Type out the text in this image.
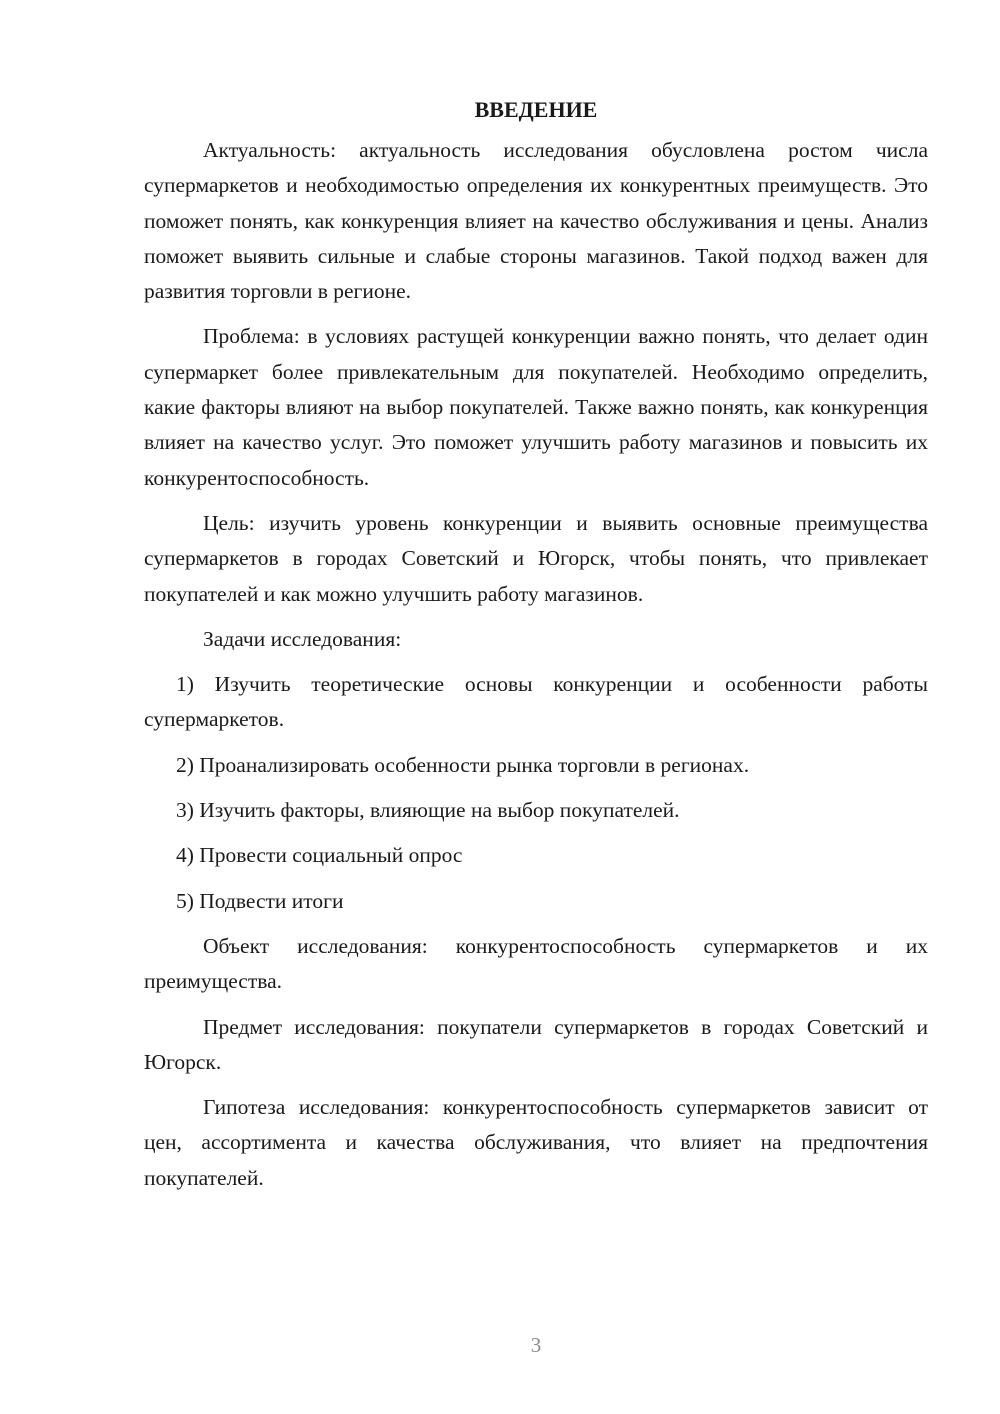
ВВЕДЕНИЕ

Актуальность: актуальность исследования обусловлена ростом числа супермаркетов и необходимостью определения их конкурентных преимуществ. Это поможет понять, как конкуренция влияет на качество обслуживания и цены. Анализ поможет выявить сильные и слабые стороны магазинов. Такой подход важен для развития торговли в регионе.

Проблема: в условиях растущей конкуренции важно понять, что делает один супермаркет более привлекательным для покупателей. Необходимо определить, какие факторы влияют на выбор покупателей. Также важно понять, как конкуренция влияет на качество услуг. Это поможет улучшить работу магазинов и повысить их конкурентоспособность.

Цель: изучить уровень конкуренции и выявить основные преимущества супермаркетов в городах Советский и Югорск, чтобы понять, что привлекает покупателей и как можно улучшить работу магазинов.

Задачи исследования:

1) Изучить теоретические основы конкуренции и особенности работы супермаркетов.

2) Проанализировать особенности рынка торговли в регионах.

3) Изучить факторы, влияющие на выбор покупателей.

4) Провести социальный опрос

5) Подвести итоги

Объект исследования: конкурентоспособность супермаркетов и их преимущества.

Предмет исследования: покупатели супермаркетов в городах Советский и Югорск.

Гипотеза исследования: конкурентоспособность супермаркетов зависит от цен, ассортимента и качества обслуживания, что влияет на предпочтения покупателей.

3
